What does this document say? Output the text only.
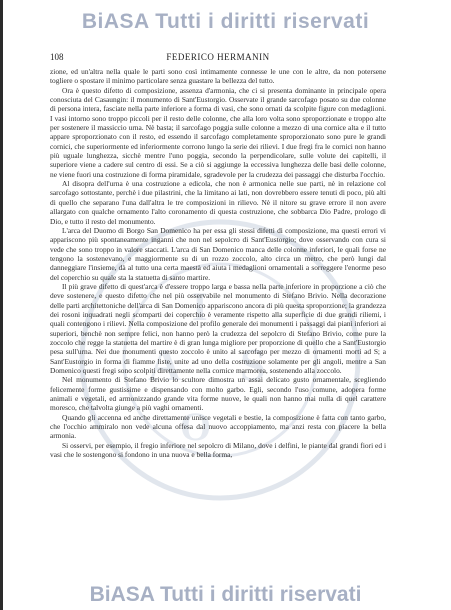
BiASA Tutti i diritti riservati
A S
I
O
108	FEDERICO HERMANIN

zione, ed un'altra nella quale le parti sono così intimamente connesse le une con le altre, da non potersene togliere o spostare il minimo particolare senza guastare la bellezza del tutto.

Ora è questo difetto di composizione, assenza d'armonia, che ci si presenta dominante in principale opera conosciuta del Casaungin: il monumento di Sant'Eustorgio. Osservate il grande sarcofago posato su due colonne di persona intera, fasciate nella parte inferiore a forma di vasi, che sono ornati da scolpite figure con medaglioni. I vasi intorno sono troppo piccoli per il resto delle colonne, che alla loro volta sono sproporzionate e troppo alte per sostenere il massiccio urna. Nè basta; il sarcofago poggia sulle colonne a mezzo di una cornice alta e il tutto appare sproporzionato con il resto, ed essendo il sarcofago completamente sproporzionato sono pure le grandi cornici, che superiormente ed inferiormente corrono lungo la serie dei rilievi. I due fregi fra le cornici non hanno più uguale lunghezza, sicchè mentre l'uno poggia, secondo la perpendicolare, sulle volute dei capitelli, il superiore viene a cadere sul centro di essi. Se a ciò si aggiunge la eccessiva lunghezza delle basi delle colonne, ne viene fuori una costruzione di forma piramidale, sgradevole per la crudezza dei passaggi che disturba l'occhio.

Al disopra dell'urna è una costruzione a edicola, che non è armonica nelle sue parti, nè in relazione col sarcofago sottostante, perchè i due pilastrini, che la limitano ai lati, non dovrebbero essere tenuti di poco, più alti di quello che separano l'una dall'altra le tre composizioni in rilievo. Nè il nitore su grave errore il non avere allargato con qualche ornamento l'alto coronamento di questa costruzione, che sobbarca Dio Padre, prologo di Dio, e tutto il resto del monumento.

L'arca del Duomo di Borgo San Domenico ha per essa gli stessi difetti di composizione, ma questi errori vi appariscono più spontaneamente inganni che non nel sepolcro di Sant'Eustorgio; dove osservando con cura si vede che sono troppo in valore staccati. L'arca di San Domenico manca delle colonne inferiori, le quali forse ne tengono la sostenevano, e maggiormente su di un rozzo zoccolo, alto circa un metro, che però lungi dal danneggiare l'insieme, dà al tutto una certa maestà ed aiuta i medaglioni ornamentali a sorreggere l'enorme peso del coperchio su quale sta la statuetta di santo martire.

Il più grave difetto di quest'arca è d'essere troppo larga e bassa nella parte inferiore in proporzione a ciò che deve sostenere, e questo difetto che nel più osservabile nel monumento di Stefano Brivio. Nella decorazione delle parti architettoniche dell'arca di San Domenico appariscono ancora di più questa sproporzione; la grandezza dei rosoni inquadrati negli scomparti dei coperchio è veramente rispetto alla superficie di due grandi riliemi, i quali contengono i rilievi. Nella composizione del profilo generale dei monumenti i passaggi dai piani inferiori ai superiori, benchè non sempre felici, non hanno però la crudezza del sepolcro di Stefano Brivio, come pure la zoccolo che regge la statuetta del martire è di gran lunga migliore per proporzione di quello che a Sant'Eustorgio pesa sull'urna. Nei due monumenti questo zoccolo è unito al sarcofago per mezzo di ornamenti morti ad S; a Sant'Eustorgio in forma di fiamme liste, unite ad uno della costruzione solamente per gli angoli, mentre a San Domenico questi fregi sono scolpiti direttamente nella cornice marmorea, sostenendo alla zoccolo.

Nel monumento di Stefano Brivio lo scultore dimostra un assai delicato gusto ornamentale, scegliendo felicemente forme gustissime e dispensando con molto garbo. Egli, secondo l'uso comune, adopera forme animali e vegetali, ed armonizzando grande vita forme nuove, le quali non hanno mai nulla di quel carattere moresco, che talvolta giunge a più vaghi ornamenti.

Quando gli accenna ed anche direttamente unisce vegetali e bestie, la composizione è fatta con tanto garbo, che l'occhio ammiralo non vede alcuna offesa dal nuovo accoppiamento, ma anzi resta con piacere la bella armonia.

Si osservi, per esempio, il fregio inferiore nel sepolcro di Milano, dove i delfini, le piante dal grandi fiori ed i vasi che le sostengono si fondono in una nuova e bella forma,

BiASA Tutti i diritti riservati
